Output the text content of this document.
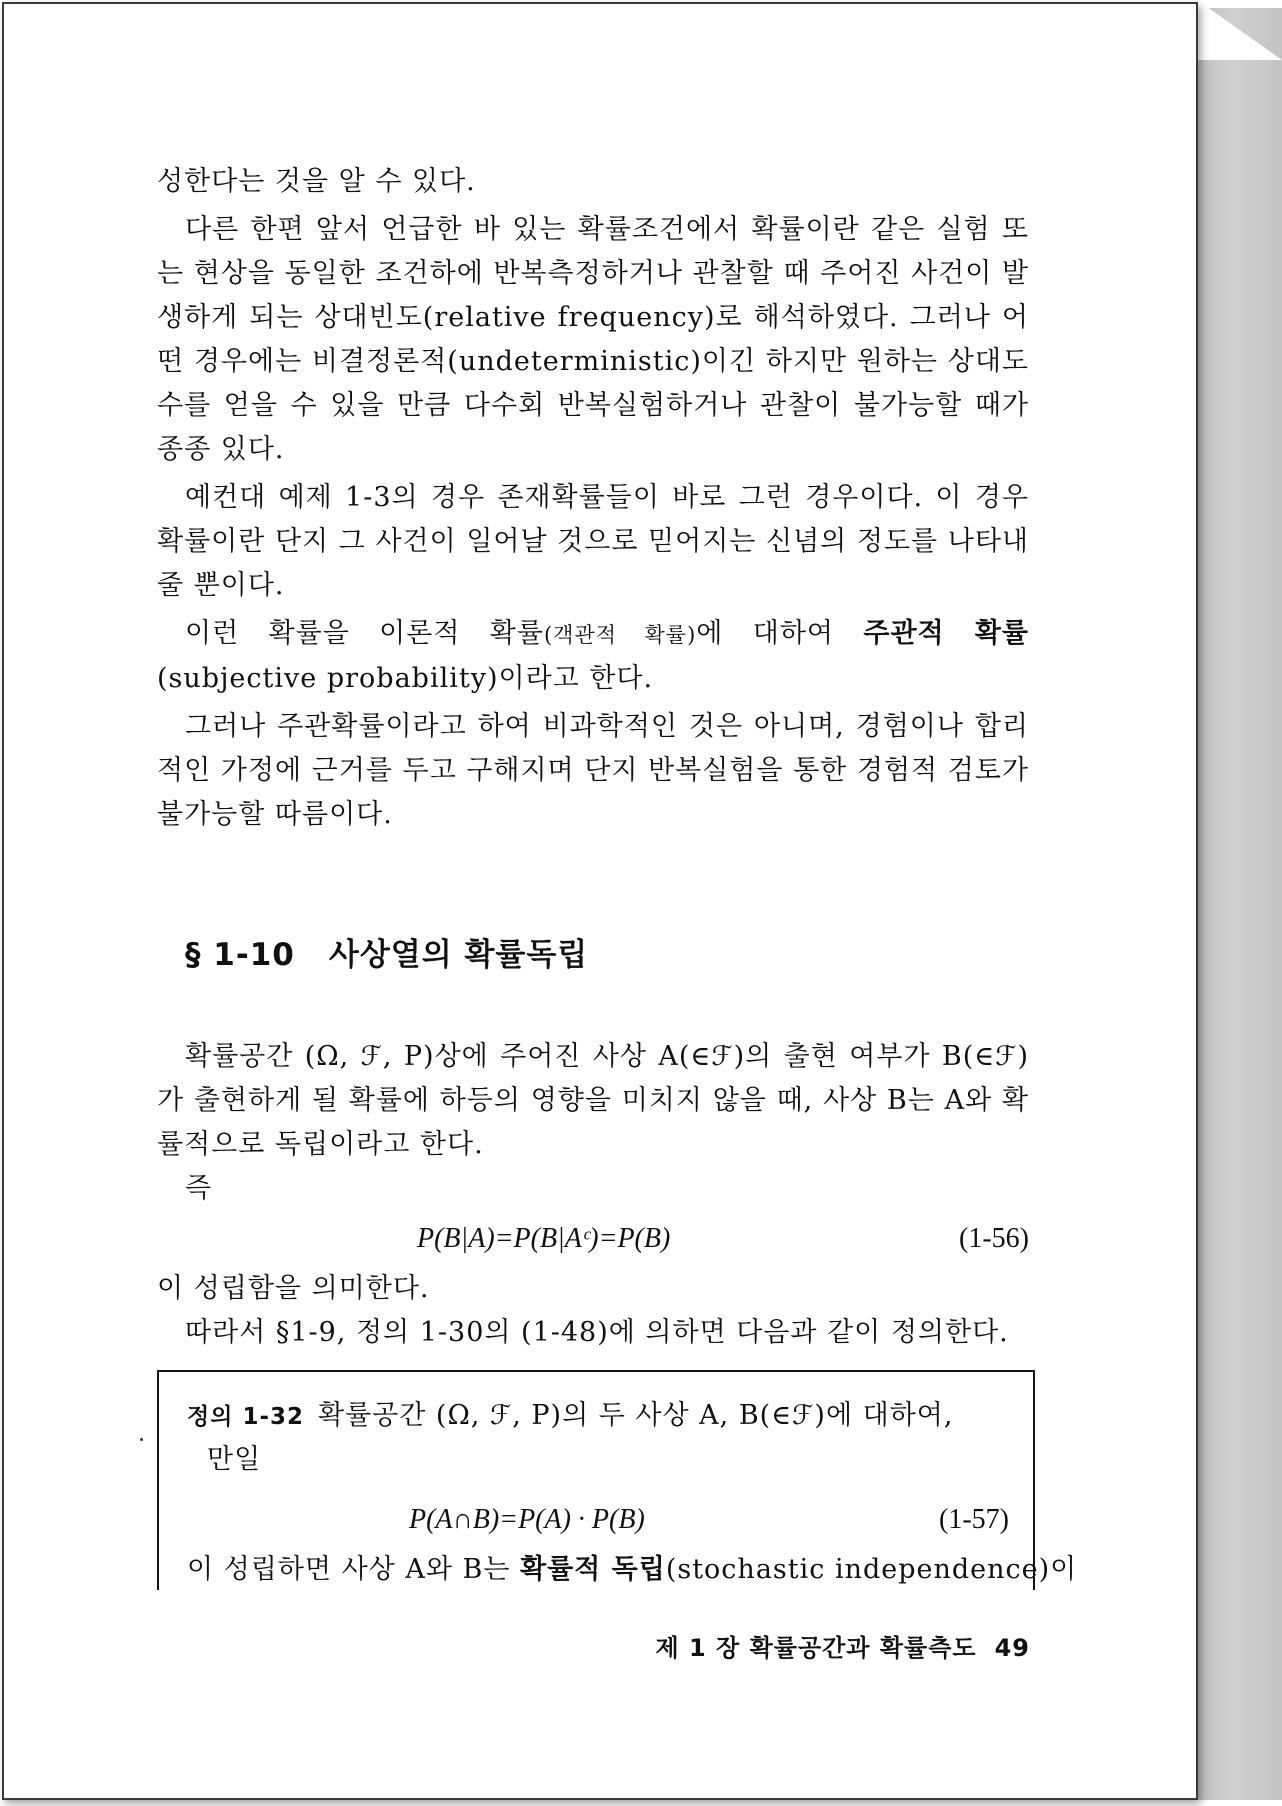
성한다는 것을 알 수 있다.

다른 한편 앞서 언급한 바 있는 확률조건에서 확률이란 같은 실험 또는 현상을 동일한 조건하에 반복측정하거나 관찰할 때 주어진 사건이 발생하게 되는 상대빈도(relative frequency)로 해석하였다. 그러나 어떤 경우에는 비결정론적(undeterministic)이긴 하지만 원하는 상대도수를 얻을 수 있을 만큼 다수회 반복실험하거나 관찰이 불가능할 때가 종종 있다.

예컨대 예제 1-3의 경우 존재확률들이 바로 그런 경우이다. 이 경우 확률이란 단지 그 사건이 일어날 것으로 믿어지는 신념의 정도를 나타내 줄 뿐이다.

이런 확률을 이론적 확률(객관적 확률)에 대하여 주관적 확률(subjective probability)이라고 한다.

그러나 주관확률이라고 하여 비과학적인 것은 아니며, 경험이나 합리적인 가정에 근거를 두고 구해지며 단지 반복실험을 통한 경험적 검토가 불가능할 따름이다.

§ 1-10 사상열의 확률독립

확률공간 (Ω, ℱ, P)상에 주어진 사상 A(∈ℱ)의 출현 여부가 B(∈ℱ)가 출현하게 될 확률에 하등의 영향을 미치지 않을 때, 사상 B는 A와 확률적으로 독립이라고 한다.

즉

P(B|A)=P(B|Aᶜ)=P(B)	(1-56)

이 성립함을 의미한다.

따라서 §1-9, 정의 1-30의 (1-48)에 의하면 다음과 같이 정의한다.

정의 1-32 확률공간 (Ω, ℱ, P)의 두 사상 A, B(∈ℱ)에 대하여,
만일
P(A∩B)=P(A) · P(B)	(1-57)
이 성립하면 사상 A와 B는 확률적 독립(stochastic independence)이
제 1 장 확률공간과 확률측도 49
